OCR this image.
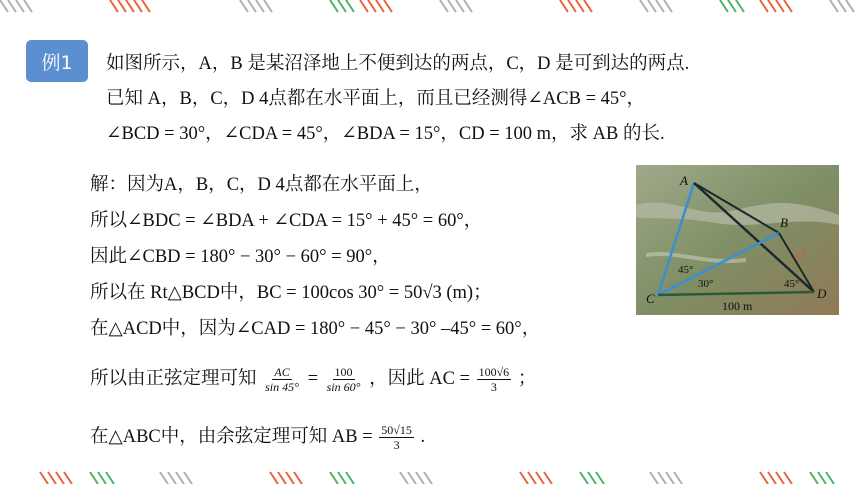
例1 如图所示，A，B 是某沼泽地上不便到达的两点，C，D 是可到达的两点.
已知 A，B，C，D 4点都在水平面上，而且已经测得∠ACB = 45°，
∠BCD = 30°，∠CDA = 45°，∠BDA = 15°，CD = 100 m，求 AB 的长.
解：因为A，B，C，D 4点都在水平面上，
所以∠BDC = ∠BDA + ∠CDA = 15° + 45° = 60°，
因此∠CBD = 180° − 30° − 60° = 90°，
所以在 Rt△BCD中，BC = 100cos 30° = 50√3 (m)；
在△ACD中，因为∠CAD = 180° − 45° − 30° –45° = 60°，
所以由正弦定理可知 $\frac{AC}{\sin 45^\circ} = \frac{100}{\sin 60^\circ}$ ，因此 AC = $\frac{100√6}{3}$ ；
在△ABC中，由余弦定理可知 AB = $\frac{50√15}{3}$ .
A
B
C	D
45°
30°	45°
15°
100 m
